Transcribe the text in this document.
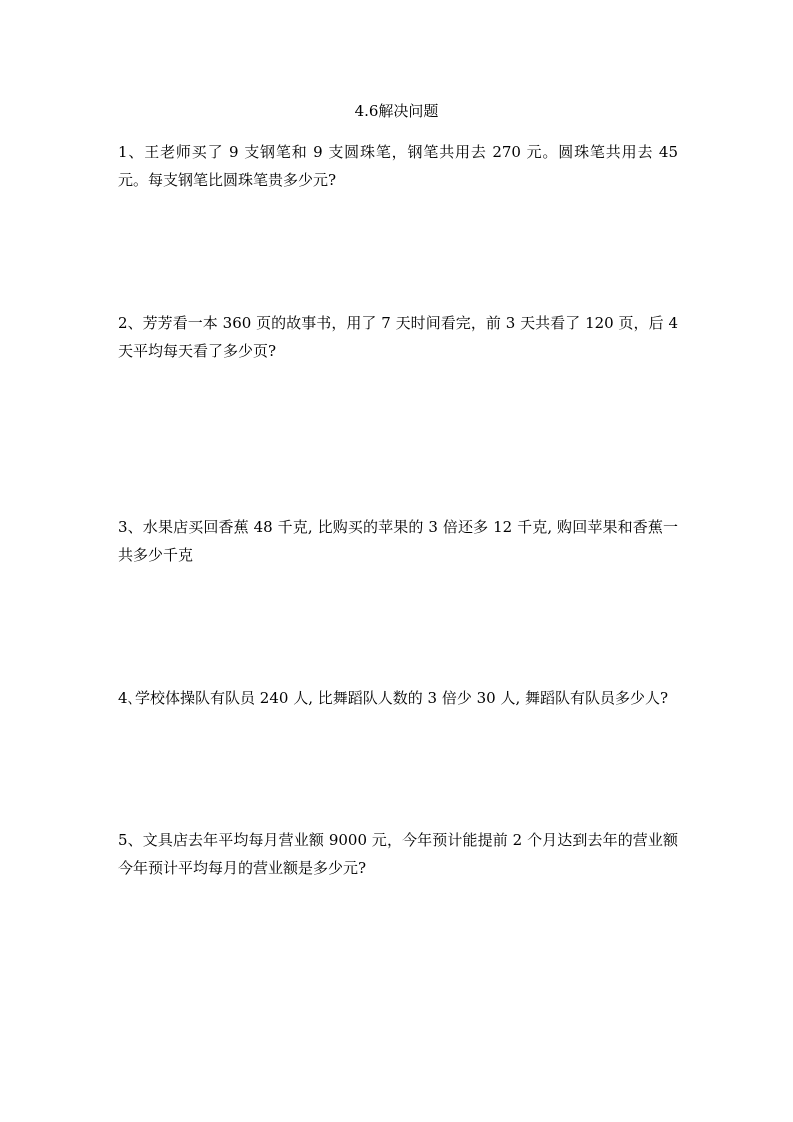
4.6解决问题
1、王老师买了 9 支钢笔和 9 支圆珠笔，钢笔共用去 270 元。圆珠笔共用去 45 元。每支钢笔比圆珠笔贵多少元?
2、芳芳看一本 360 页的故事书，用了 7 天时间看完，前 3 天共看了 120 页，后 4 天平均每天看了多少页?
3、水果店买回香蕉 48 千克, 比购买的苹果的 3 倍还多 12 千克, 购回苹果和香蕉一共多少千克
4､学校体操队有队员 240 人, 比舞蹈队人数的 3 倍少 30 人, 舞蹈队有队员多少人?
5、文具店去年平均每月营业额 9000 元，今年预计能提前 2 个月达到去年的营业额今年预计平均每月的营业额是多少元?
